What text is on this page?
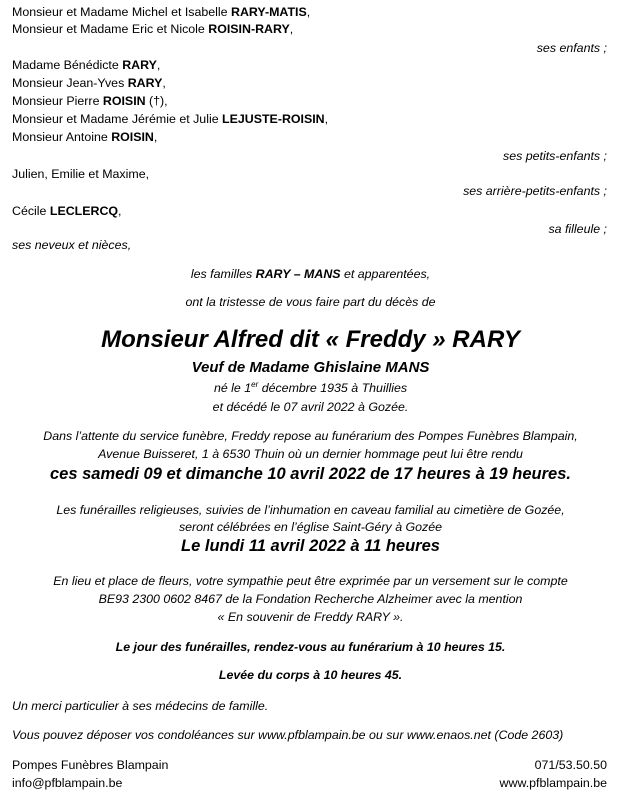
Monsieur et Madame Michel et Isabelle RARY-MATIS,
Monsieur et Madame Eric et Nicole ROISIN-RARY,
ses enfants ;
Madame Bénédicte RARY,
Monsieur Jean-Yves RARY,
Monsieur Pierre ROISIN (†),
Monsieur et Madame Jérémie et Julie LEJUSTE-ROISIN,
Monsieur Antoine ROISIN,
ses petits-enfants ;
Julien, Emilie et Maxime,
ses arrière-petits-enfants ;
Cécile LECLERCQ,
sa filleule ;
ses neveux et nièces,
les familles RARY – MANS et apparentées,
ont la tristesse de vous faire part du décès de
Monsieur Alfred dit « Freddy » RARY
Veuf de Madame Ghislaine MANS
né le 1er décembre 1935 à Thuillies
et décédé le 07 avril 2022 à Gozée.
Dans l’attente du service funèbre, Freddy repose au funérarium des Pompes Funèbres Blampain,
Avenue Buisseret, 1 à 6530 Thuin où un dernier hommage peut lui être rendu
ces samedi 09 et dimanche 10 avril 2022 de 17 heures à 19 heures.
Les funérailles religieuses, suivies de l’inhumation en caveau familial au cimetière de Gozée,
seront célébrées en l’église Saint-Géry à Gozée
Le lundi 11 avril 2022 à 11 heures
En lieu et place de fleurs, votre sympathie peut être exprimée par un versement sur le compte
BE93 2300 0602 8467 de la Fondation Recherche Alzheimer avec la mention
« En souvenir de Freddy RARY ».
Le jour des funérailles, rendez-vous au funérarium à 10 heures 15.
Levée du corps à 10 heures 45.
Un merci particulier à ses médecins de famille.
Vous pouvez déposer vos condoléances sur www.pfblampain.be ou sur www.enaos.net (Code 2603)
Pompes Funèbres Blampain	071/53.50.50
info@pfblampain.be	www.pfblampain.be
